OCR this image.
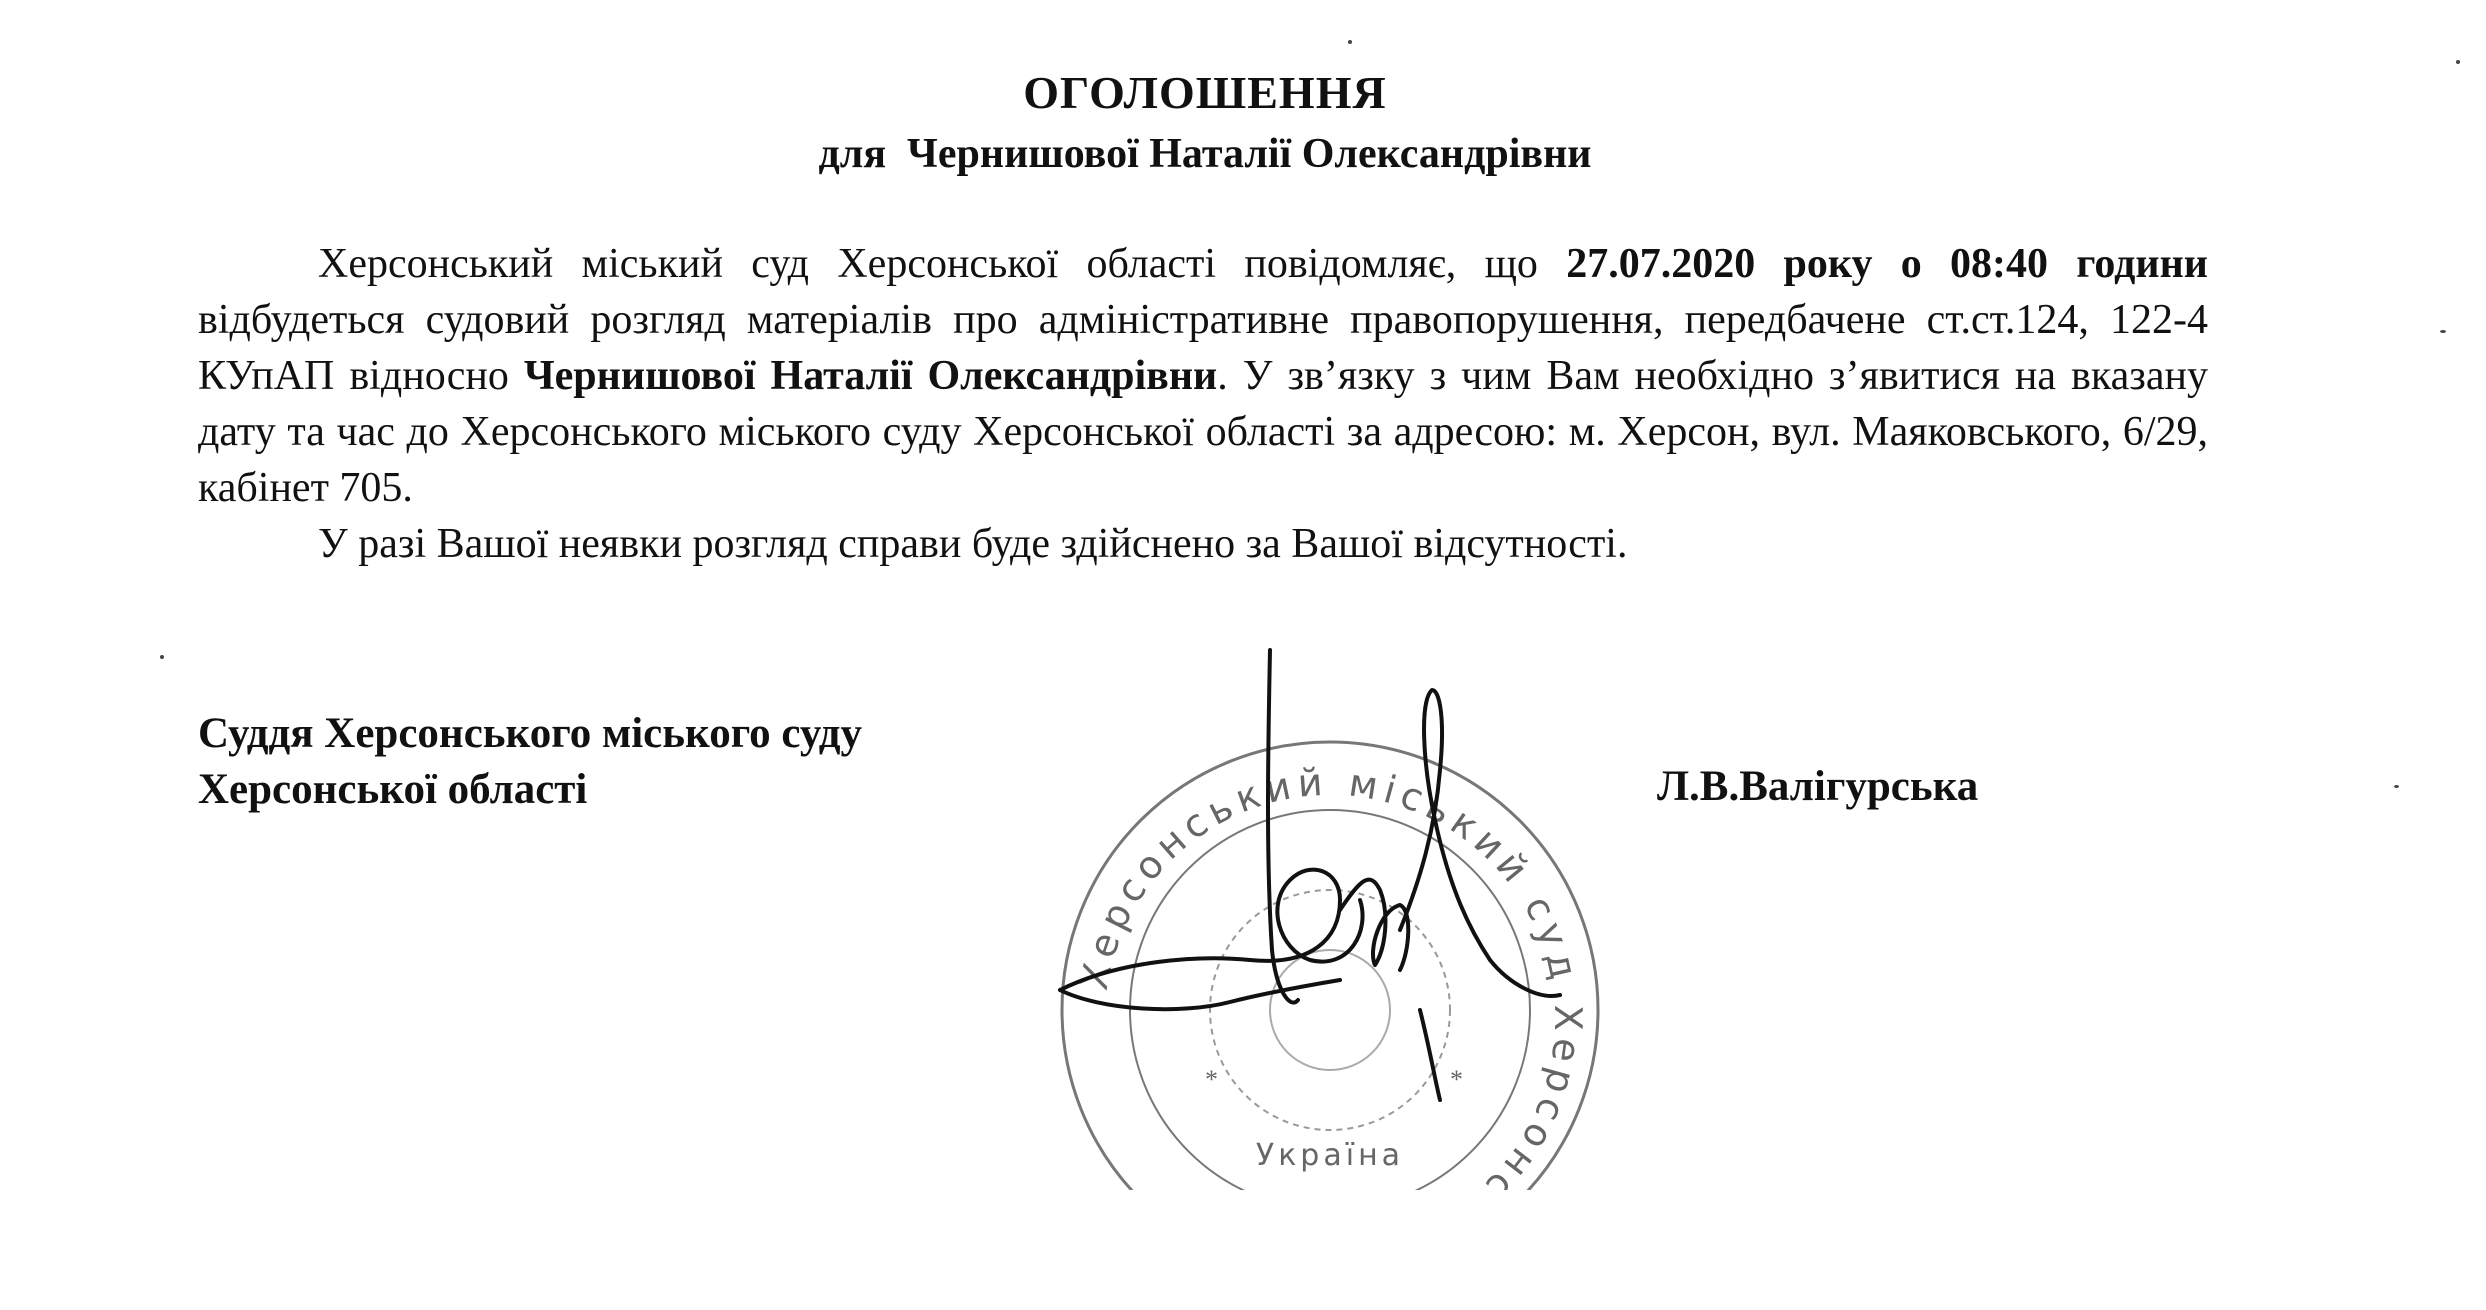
ОГОЛОШЕННЯ
для  Чернишової Наталії Олександрівни

Херсонський міський суд Херсонської області повідомляє, що 27.07.2020 року о 08:40 години відбудеться судовий розгляд матеріалів про адміністративне правопорушення, передбачене ст.ст.124, 122-4 КУпАП відносно Чернишової Наталії Олександрівни. У зв’язку з чим Вам необхідно з’явитися на вказану дату та час до Херсонського міського суду Херсонської області за адресою: м. Херсон, вул. Маяковського, 6/29, кабінет 705.

У разі Вашої неявки розгляд справи буде здійснено за Вашої відсутності.

Суддя Херсонського міського суду
Херсонської області	Л.В.Валігурська
Херсонський міський суд Херсонс
Україна
*	*
